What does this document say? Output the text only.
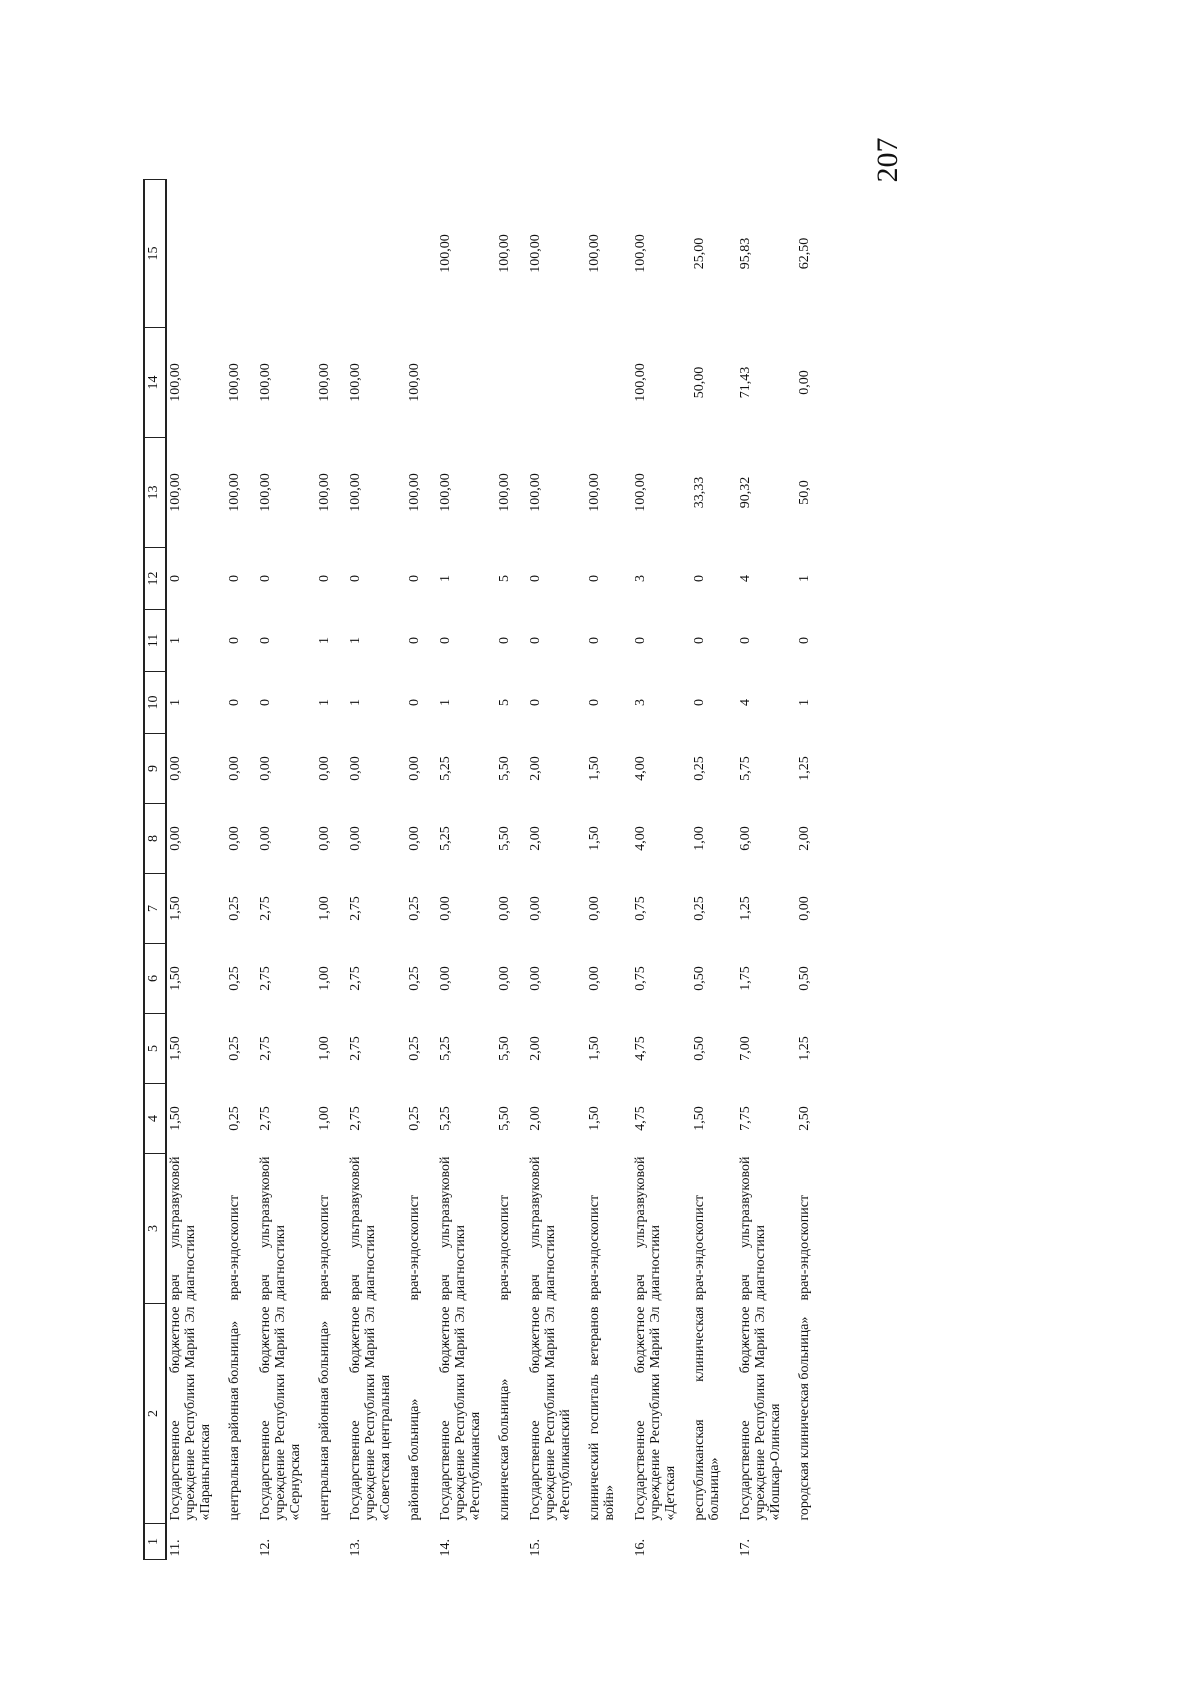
207
1	2	3	4	5	6	7	8	9	10	11	12	13	14	15
11.	Государственное бюджетное учреждение Республики Марий Эл «Параньгинская	врач ультразвуковой диагностики	1,50	1,50	1,50	1,50	0,00	0,00	1	1	0	100,00	100,00	
	центральная районная больница»	врач-эндоскопист	0,25	0,25	0,25	0,25	0,00	0,00	0	0	0	100,00	100,00	

12.	Государственное бюджетное учреждение Республики Марий Эл «Сернурская	врач ультразвуковой диагностики	2,75	2,75	2,75	2,75	0,00	0,00	0	0	0	100,00	100,00	
	центральная районная больница»	врач-эндоскопист	1,00	1,00	1,00	1,00	0,00	0,00	1	1	0	100,00	100,00	

13.	Государственное бюджетное учреждение Республики Марий Эл «Советская центральная	врач ультразвуковой диагностики	2,75	2,75	2,75	2,75	0,00	0,00	1	1	0	100,00	100,00	
	районная больница»	врач-эндоскопист	0,25	0,25	0,25	0,25	0,00	0,00	0	0	0	100,00	100,00	

14.	Государственное бюджетное учреждение Республики Марий Эл «Республиканская	врач ультразвуковой диагностики	5,25	5,25	0,00	0,00	5,25	5,25	1	0	1	100,00		100,00
	клиническая больница»	врач-эндоскопист	5,50	5,50	0,00	0,00	5,50	5,50	5	0	5	100,00		100,00

15.	Государственное бюджетное учреждение Республики Марий Эл «Республиканский	врач ультразвуковой диагностики	2,00	2,00	0,00	0,00	2,00	2,00	0	0	0	100,00		100,00
	клинический госпиталь ветеранов войн»	врач-эндоскопист	1,50	1,50	0,00	0,00	1,50	1,50	0	0	0	100,00		100,00

16.	Государственное бюджетное учреждение Республики Марий Эл «Детская	врач ультразвуковой диагностики	4,75	4,75	0,75	0,75	4,00	4,00	3	0	3	100,00	100,00	100,00
	республиканская клиническая больница»	врач-эндоскопист	1,50	0,50	0,50	0,25	1,00	0,25	0	0	0	33,33	50,00	25,00

17.	Государственное бюджетное учреждение Республики Марий Эл «Йошкар-Олинская	врач ультразвуковой диагностики	7,75	7,00	1,75	1,25	6,00	5,75	4	0	4	90,32	71,43	95,83
	городская клиническая больница»	врач-эндоскопист	2,50	1,25	0,50	0,00	2,00	1,25	1	0	1	50,0	0,00	62,50
